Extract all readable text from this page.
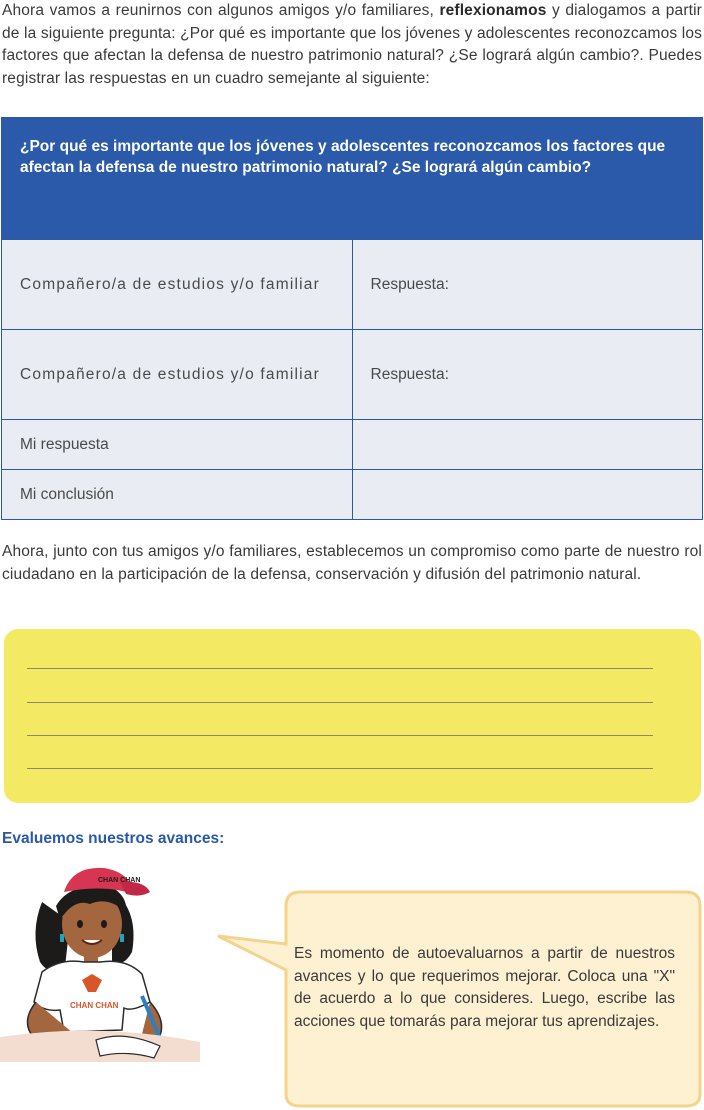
Ahora vamos a reunirnos con algunos amigos y/o familiares, reflexionamos y dialogamos a partir de la siguiente pregunta: ¿Por qué es importante que los jóvenes y adolescentes reconozcamos los factores que afectan la defensa de nuestro patrimonio natural? ¿Se logrará algún cambio?. Puedes registrar las respuestas en un cuadro semejante al siguiente:

¿Por qué es importante que los jóvenes y adolescentes reconozcamos los factores que afectan la defensa de nuestro patrimonio natural? ¿Se logrará algún cambio?	
Compañero/a de estudios y/o familiar	Respuesta:
Compañero/a de estudios y/o familiar	Respuesta:
Mi respuesta	
Mi conclusión	

Ahora, junto con tus amigos y/o familiares, establecemos un compromiso como parte de nuestro rol ciudadano en la participación de la defensa, conservación y difusión del patrimonio natural.

Evaluemos nuestros avances:
CHAN CHAN
CHAN CHAN

Es momento de autoevaluarnos a partir de nuestros avances y lo que requerimos mejorar. Coloca una "X" de acuerdo a lo que consideres. Luego, escribe las acciones que tomarás para mejorar tus aprendizajes.
